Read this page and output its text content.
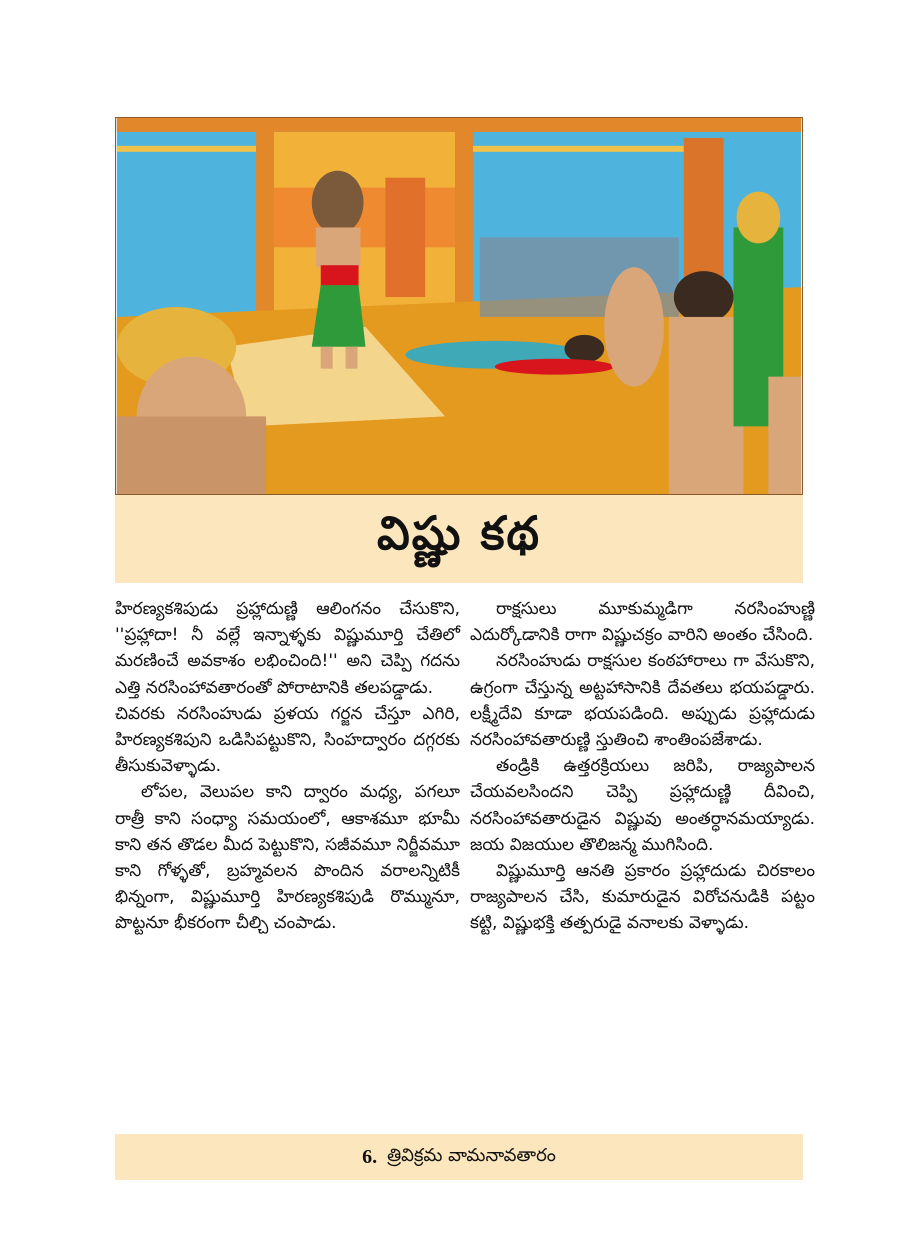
విష్ణు కథ

హిరణ్యకశిపుడు ప్రహ్లాదుణ్ణి ఆలింగనం చేసుకొని, ''ప్రహ్లాదా! నీ వల్లే ఇన్నాళ్ళకు విష్ణుమూర్తి చేతిలో మరణించే అవకాశం లభించింది!'' అని చెప్పి గదను ఎత్తి నరసింహావతారంతో పోరాటానికి తలపడ్డాడు.

చివరకు నరసింహుడు ప్రళయ గర్జన చేస్తూ ఎగిరి, హిరణ్యకశిపుని ఒడిసిపట్టుకొని, సింహద్వారం దగ్గరకు తీసుకువెళ్ళాడు.

లోపల, వెలుపల కాని ద్వారం మధ్య, పగలూ రాత్రీ కాని సంధ్యా సమయంలో, ఆకాశమూ భూమీ కాని తన తొడల మీద పెట్టుకొని, సజీవమూ నిర్జీవమూ కాని గోళ్ళతో, బ్రహ్మవలన పొందిన వరాలన్నిటికీ భిన్నంగా, విష్ణుమూర్తి హిరణ్యకశిపుడి రొమ్మునూ, పొట్టనూ భీకరంగా చీల్చి చంపాడు.

రాక్షసులు మూకుమ్మడిగా నరసింహుణ్ణి ఎదుర్కోడానికి రాగా విష్ణుచక్రం వారిని అంతం చేసింది.

నరసింహుడు రాక్షసుల కంఠహారాలు గా వేసుకొని, ఉగ్రంగా చేస్తున్న అట్టహాసానికి దేవతలు భయపడ్డారు. లక్ష్మీదేవి కూడా భయపడింది. అప్పుడు ప్రహ్లాదుడు నరసింహావతారుణ్ణి స్తుతించి శాంతింపజేశాడు.

తండ్రికి ఉత్తరక్రియలు జరిపి, రాజ్యపాలన చేయవలసిందని చెప్పి ప్రహ్లాదుణ్ణి దీవించి, నరసింహావతారుడైన విష్ణువు అంతర్ధానమయ్యాడు. జయ విజయుల తొలిజన్మ ముగిసింది.

విష్ణుమూర్తి ఆనతి ప్రకారం ప్రహ్లాదుడు చిరకాలం రాజ్యపాలన చేసి, కుమారుడైన విరోచనుడికి పట్టం కట్టి, విష్ణుభక్తి తత్పరుడై వనాలకు వెళ్ళాడు.

6. త్రివిక్రమ వామనావతారం
